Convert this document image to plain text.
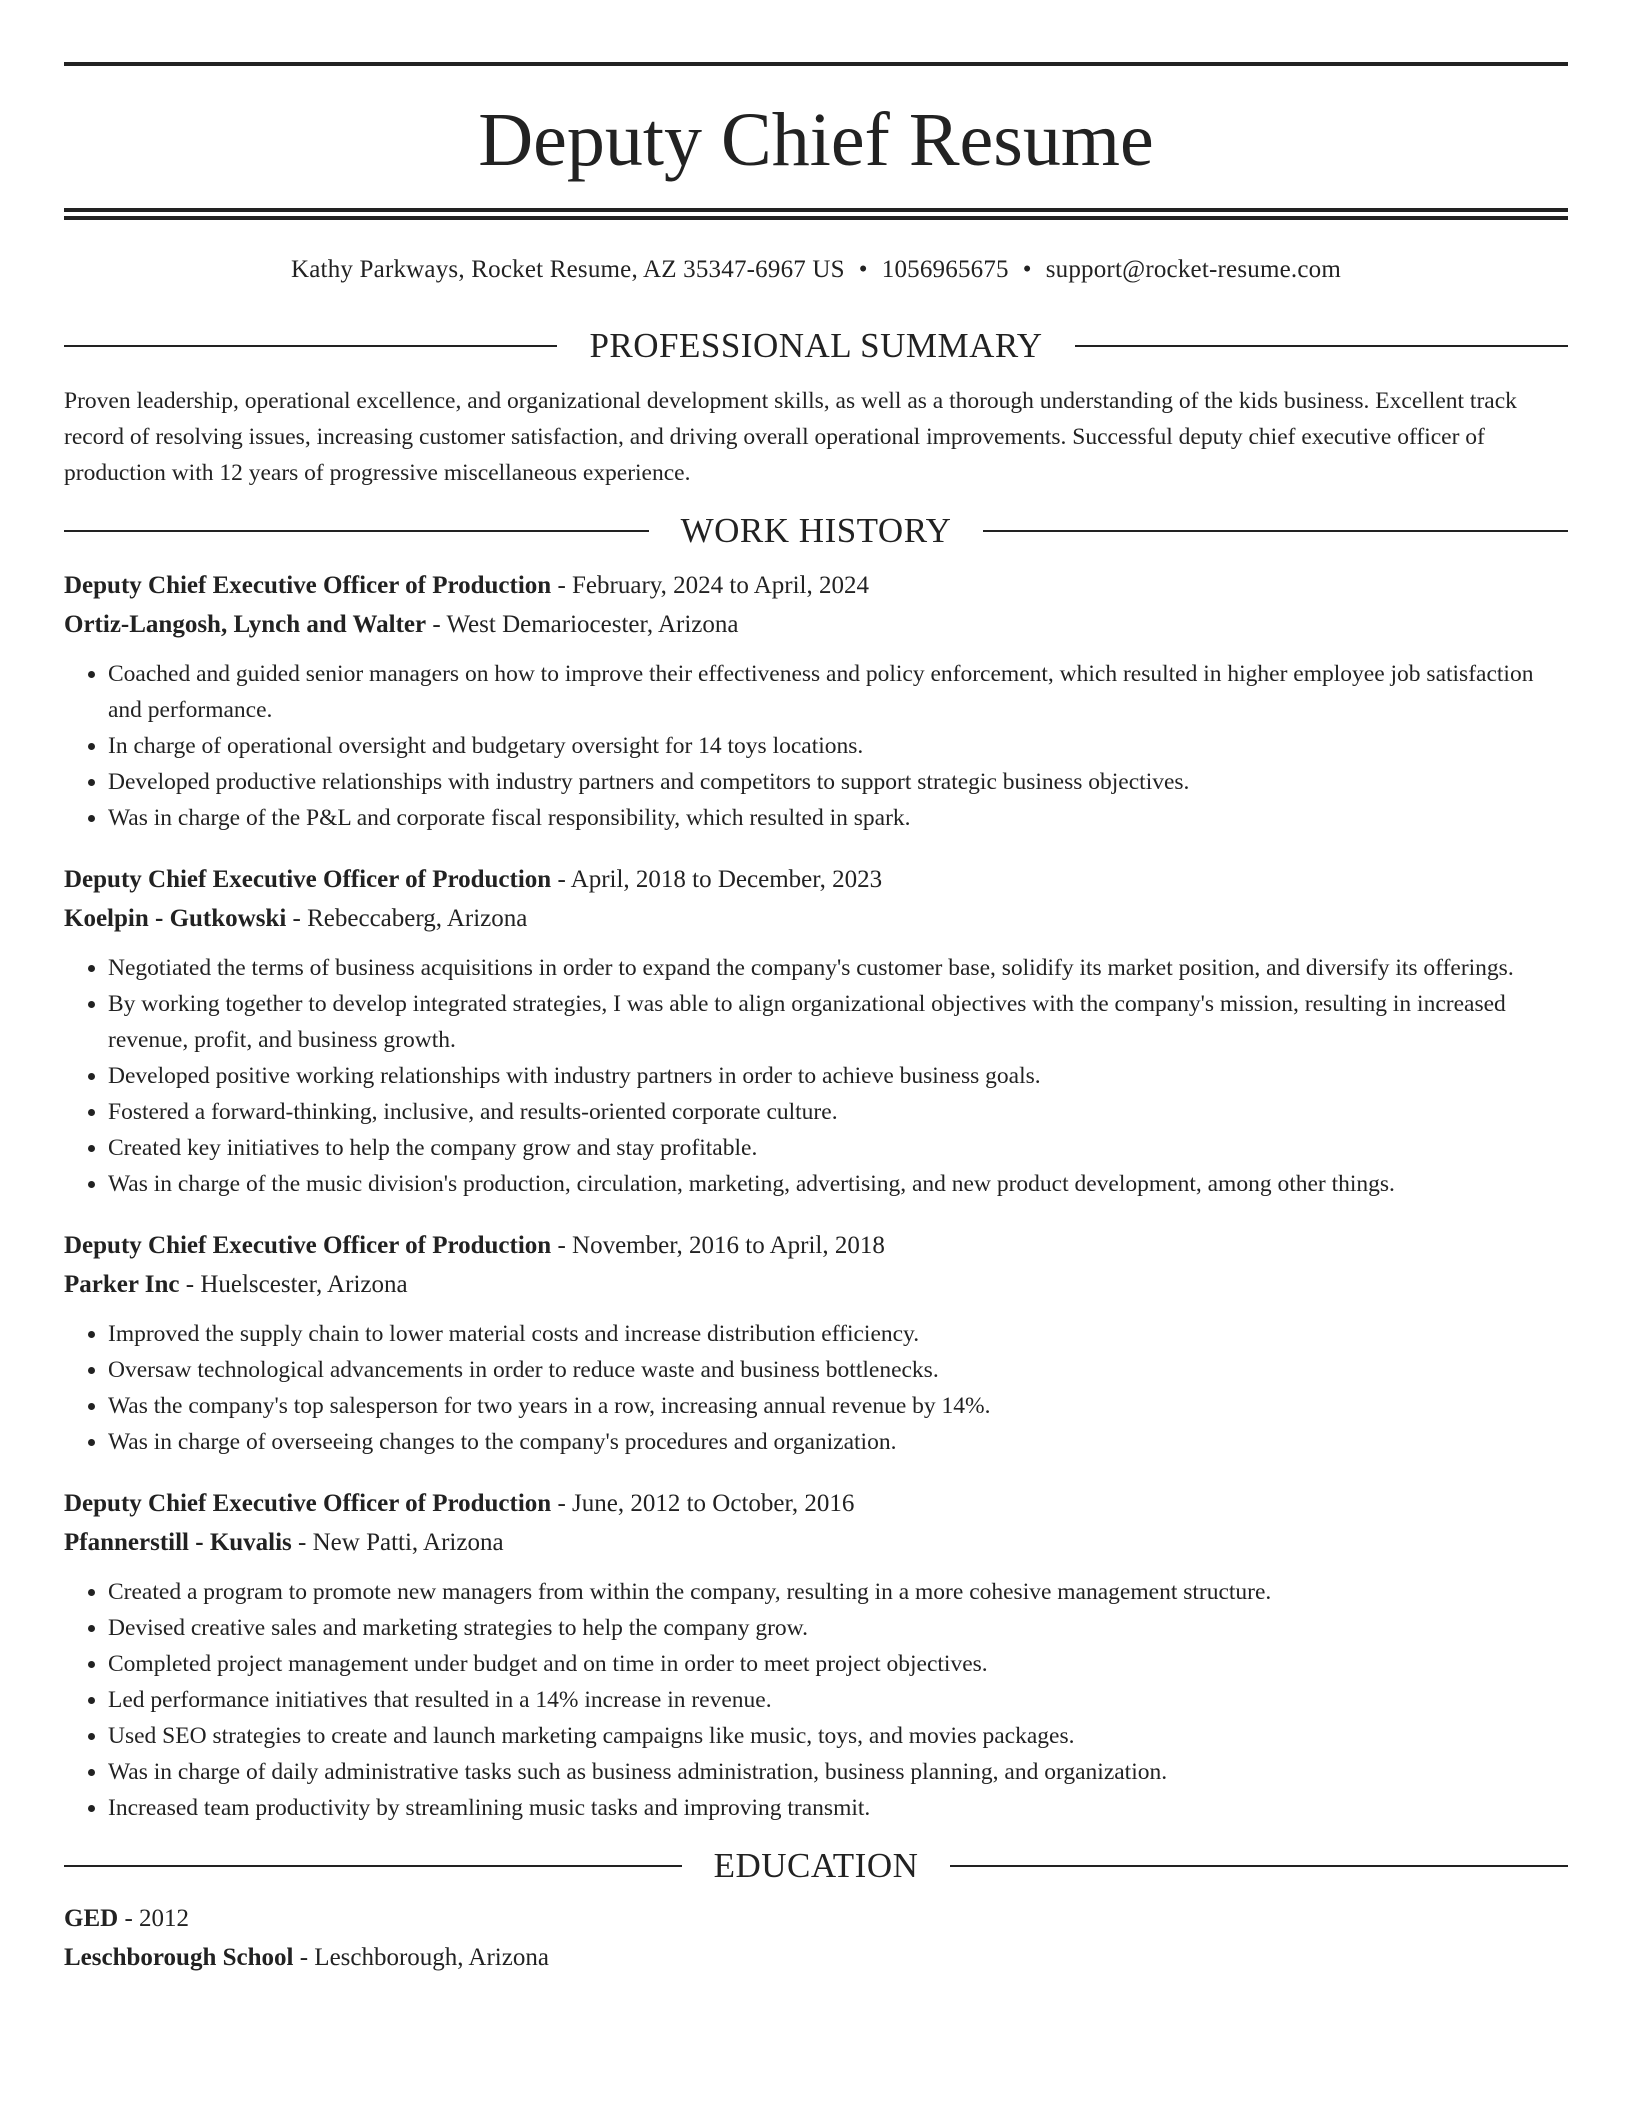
Deputy Chief Resume
Kathy Parkways, Rocket Resume, AZ 35347-6967 US • 1056965675 • support@rocket-resume.com
PROFESSIONAL SUMMARY
Proven leadership, operational excellence, and organizational development skills, as well as a thorough understanding of the kids business. Excellent track record of resolving issues, increasing customer satisfaction, and driving overall operational improvements. Successful deputy chief executive officer of production with 12 years of progressive miscellaneous experience.
WORK HISTORY
Deputy Chief Executive Officer of Production - February, 2024 to April, 2024
Ortiz-Langosh, Lynch and Walter - West Demariocester, Arizona
• Coached and guided senior managers on how to improve their effectiveness and policy enforcement, which resulted in higher employee job satisfaction and performance.
• In charge of operational oversight and budgetary oversight for 14 toys locations.
• Developed productive relationships with industry partners and competitors to support strategic business objectives.
• Was in charge of the P&L and corporate fiscal responsibility, which resulted in spark.
Deputy Chief Executive Officer of Production - April, 2018 to December, 2023
Koelpin - Gutkowski - Rebeccaberg, Arizona
• Negotiated the terms of business acquisitions in order to expand the company's customer base, solidify its market position, and diversify its offerings.
• By working together to develop integrated strategies, I was able to align organizational objectives with the company's mission, resulting in increased revenue, profit, and business growth.
• Developed positive working relationships with industry partners in order to achieve business goals.
• Fostered a forward-thinking, inclusive, and results-oriented corporate culture.
• Created key initiatives to help the company grow and stay profitable.
• Was in charge of the music division's production, circulation, marketing, advertising, and new product development, among other things.
Deputy Chief Executive Officer of Production - November, 2016 to April, 2018
Parker Inc - Huelscester, Arizona
• Improved the supply chain to lower material costs and increase distribution efficiency.
• Oversaw technological advancements in order to reduce waste and business bottlenecks.
• Was the company's top salesperson for two years in a row, increasing annual revenue by 14%.
• Was in charge of overseeing changes to the company's procedures and organization.
Deputy Chief Executive Officer of Production - June, 2012 to October, 2016
Pfannerstill - Kuvalis - New Patti, Arizona
• Created a program to promote new managers from within the company, resulting in a more cohesive management structure.
• Devised creative sales and marketing strategies to help the company grow.
• Completed project management under budget and on time in order to meet project objectives.
• Led performance initiatives that resulted in a 14% increase in revenue.
• Used SEO strategies to create and launch marketing campaigns like music, toys, and movies packages.
• Was in charge of daily administrative tasks such as business administration, business planning, and organization.
• Increased team productivity by streamlining music tasks and improving transmit.
EDUCATION
GED - 2012
Leschborough School - Leschborough, Arizona
